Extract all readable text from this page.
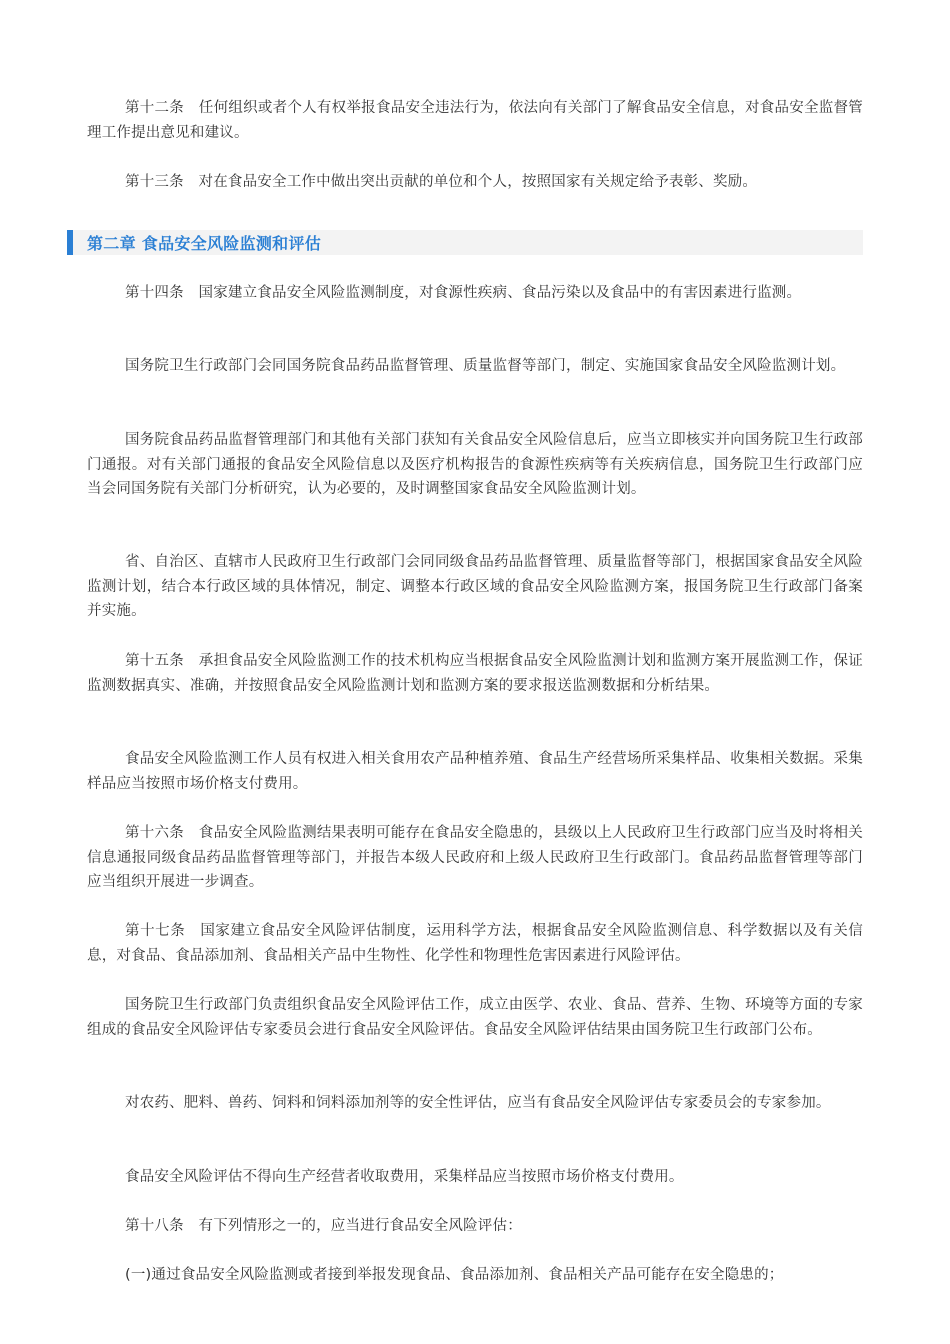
第十二条　任何组织或者个人有权举报食品安全违法行为，依法向有关部门了解食品安全信息，对食品安全监督管理工作提出意见和建议。

第十三条　对在食品安全工作中做出突出贡献的单位和个人，按照国家有关规定给予表彰、奖励。

第十四条　国家建立食品安全风险监测制度，对食源性疾病、食品污染以及食品中的有害因素进行监测。

国务院卫生行政部门会同国务院食品药品监督管理、质量监督等部门，制定、实施国家食品安全风险监测计划。

国务院食品药品监督管理部门和其他有关部门获知有关食品安全风险信息后，应当立即核实并向国务院卫生行政部门通报。对有关部门通报的食品安全风险信息以及医疗机构报告的食源性疾病等有关疾病信息，国务院卫生行政部门应当会同国务院有关部门分析研究，认为必要的，及时调整国家食品安全风险监测计划。

省、自治区、直辖市人民政府卫生行政部门会同同级食品药品监督管理、质量监督等部门，根据国家食品安全风险监测计划，结合本行政区域的具体情况，制定、调整本行政区域的食品安全风险监测方案，报国务院卫生行政部门备案并实施。

第十五条　承担食品安全风险监测工作的技术机构应当根据食品安全风险监测计划和监测方案开展监测工作，保证监测数据真实、准确，并按照食品安全风险监测计划和监测方案的要求报送监测数据和分析结果。

食品安全风险监测工作人员有权进入相关食用农产品种植养殖、食品生产经营场所采集样品、收集相关数据。采集样品应当按照市场价格支付费用。

第十六条　食品安全风险监测结果表明可能存在食品安全隐患的，县级以上人民政府卫生行政部门应当及时将相关信息通报同级食品药品监督管理等部门，并报告本级人民政府和上级人民政府卫生行政部门。食品药品监督管理等部门应当组织开展进一步调查。

第十七条　国家建立食品安全风险评估制度，运用科学方法，根据食品安全风险监测信息、科学数据以及有关信息，对食品、食品添加剂、食品相关产品中生物性、化学性和物理性危害因素进行风险评估。

国务院卫生行政部门负责组织食品安全风险评估工作，成立由医学、农业、食品、营养、生物、环境等方面的专家组成的食品安全风险评估专家委员会进行食品安全风险评估。食品安全风险评估结果由国务院卫生行政部门公布。

对农药、肥料、兽药、饲料和饲料添加剂等的安全性评估，应当有食品安全风险评估专家委员会的专家参加。

食品安全风险评估不得向生产经营者收取费用，采集样品应当按照市场价格支付费用。

第十八条　有下列情形之一的，应当进行食品安全风险评估：

(一)通过食品安全风险监测或者接到举报发现食品、食品添加剂、食品相关产品可能存在安全隐患的；

第二章 食品安全风险监测和评估
